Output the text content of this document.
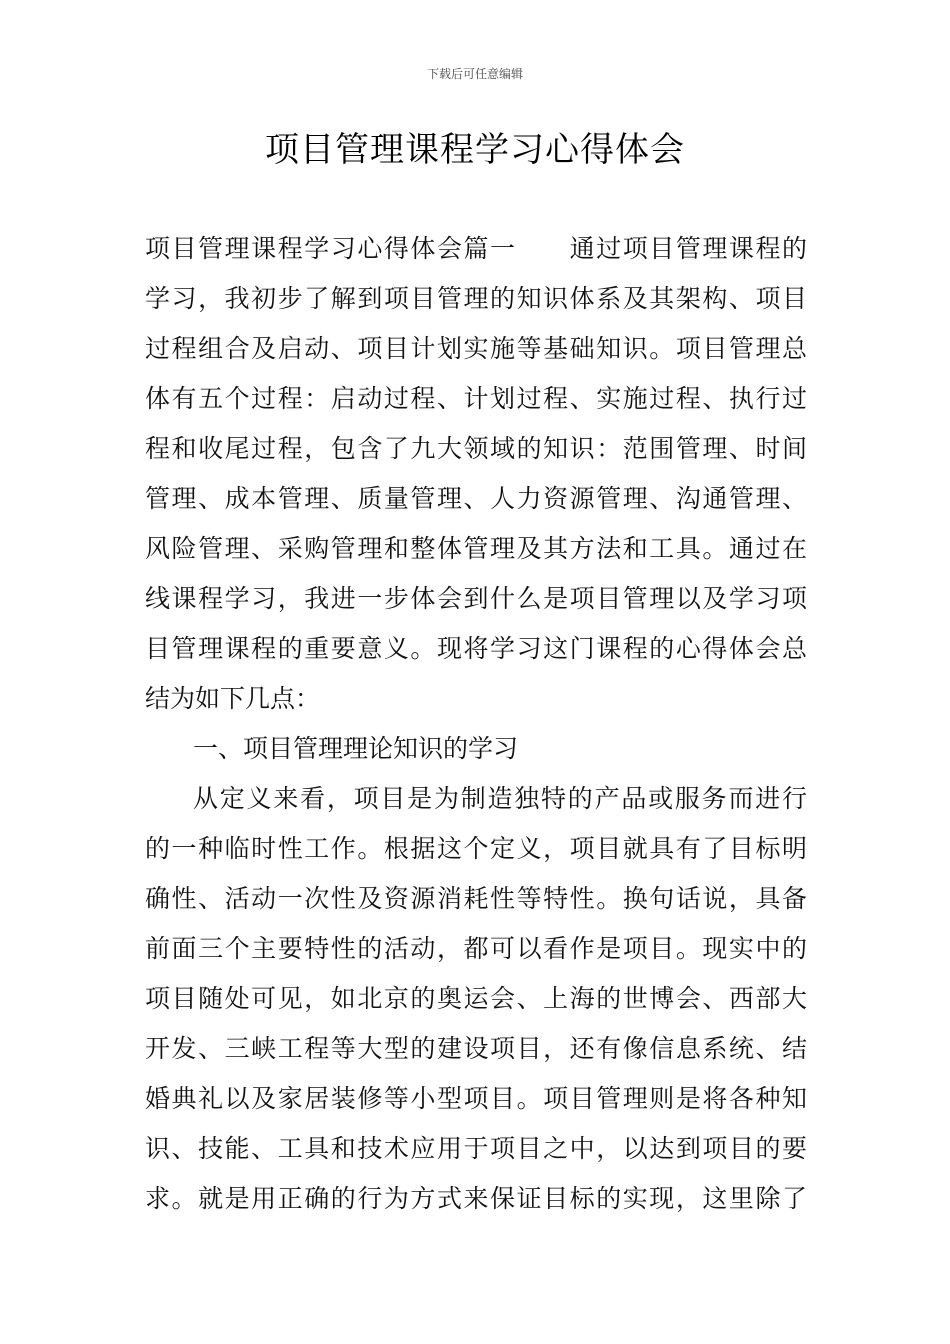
下载后可任意编辑
项目管理课程学习心得体会
项目管理课程学习心得体会篇一　　通过项目管理课程的
学习，我初步了解到项目管理的知识体系及其架构、项目
过程组合及启动、项目计划实施等基础知识。项目管理总
体有五个过程：启动过程、计划过程、实施过程、执行过
程和收尾过程，包含了九大领域的知识：范围管理、时间
管理、成本管理、质量管理、人力资源管理、沟通管理、
风险管理、采购管理和整体管理及其方法和工具。通过在
线课程学习，我进一步体会到什么是项目管理以及学习项
目管理课程的重要意义。现将学习这门课程的心得体会总
结为如下几点：
一、项目管理理论知识的学习
从定义来看，项目是为制造独特的产品或服务而进行
的一种临时性工作。根据这个定义，项目就具有了目标明
确性、活动一次性及资源消耗性等特性。换句话说，具备
前面三个主要特性的活动，都可以看作是项目。现实中的
项目随处可见，如北京的奥运会、上海的世博会、西部大
开发、三峡工程等大型的建设项目，还有像信息系统、结
婚典礼以及家居装修等小型项目。项目管理则是将各种知
识、技能、工具和技术应用于项目之中，以达到项目的要
求。就是用正确的行为方式来保证目标的实现，这里除了
